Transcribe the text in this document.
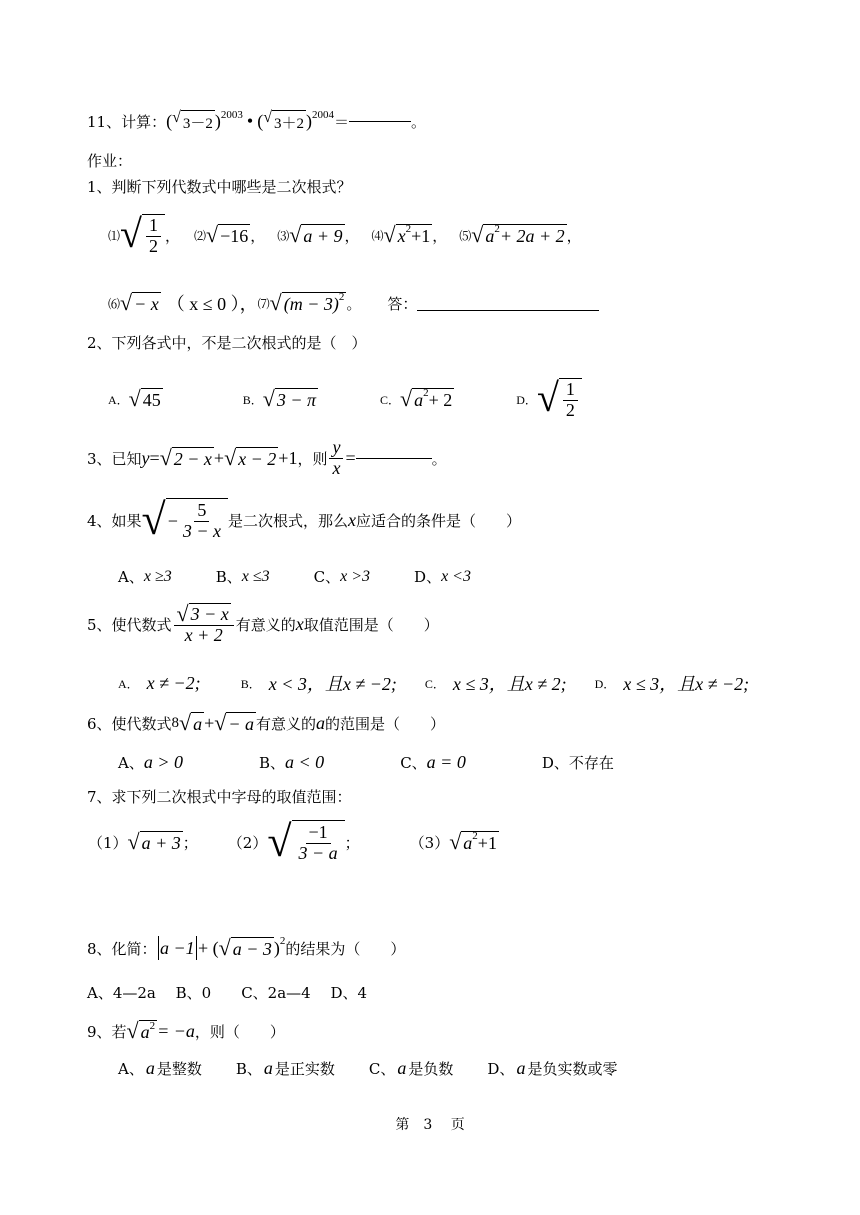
11、计算： ( √ 3－2 ) 2003 • ( √ 3＋2 ) 2004 ＝	。
作业：
1、判断下列代数式中哪些是二次根式？
⑴ √ $\frac{1}{2}$ ， ⑵ √ −16 ， ⑶ √ a + 9 ， ⑷ √ x 2 +1 ， ⑸ √ a 2 + 2a + 2 ，
⑹ √ − x （ x ≤ 0 ）， ⑺ √ (m − 3) 2 。 答：
2、下列各式中，不是二次根式的是（　）
A． √ 45	B． √ 3 − π	C． √ a 2 + 2	D． √ $\frac{1}{2}$
3、已知 y = √ 2 − x + √ x − 2 +1 ，则 $\frac{y}{x}$ =	。
4、如果 √ − $\frac{5}{3 - x}$ 是二次根式，那么 x 应适合的条件是（　　）
A、 x ≥3	B、 x ≤3	C、 x >3	D、 x <3
5、使代数式 $\frac{√ 3 - x}{x + 2}$ 有意义的 x 取值范围是（　　）
A． x ≠ −2;	B． x < 3，且x ≠ −2; C． x ≤ 3，且x ≠ 2; D． x ≤ 3，且x ≠ −2;
6、使代数式 8 √ a + √ − a 有意义的 a 的范围是（　　）
A、 a > 0	B、 a < 0	C、 a = 0	D、不存在
7、求下列二次根式中字母的取值范围：
（1） √ a + 3 ； （2） √ $\frac{-1}{3 - a}$ ；	（3） √ a 2 +1
8、化简： a −1 + ( √ a − 3 ) 2 的结果为（　　）
A、4—2a　 B、0　　C、2a—4　 D、4
9、若 √ a 2 = −a ，则（　　）
A、 a 是整数 B、 a 是正实数 C、 a 是负数 D、 a 是负实数或零
第　 3　 页
